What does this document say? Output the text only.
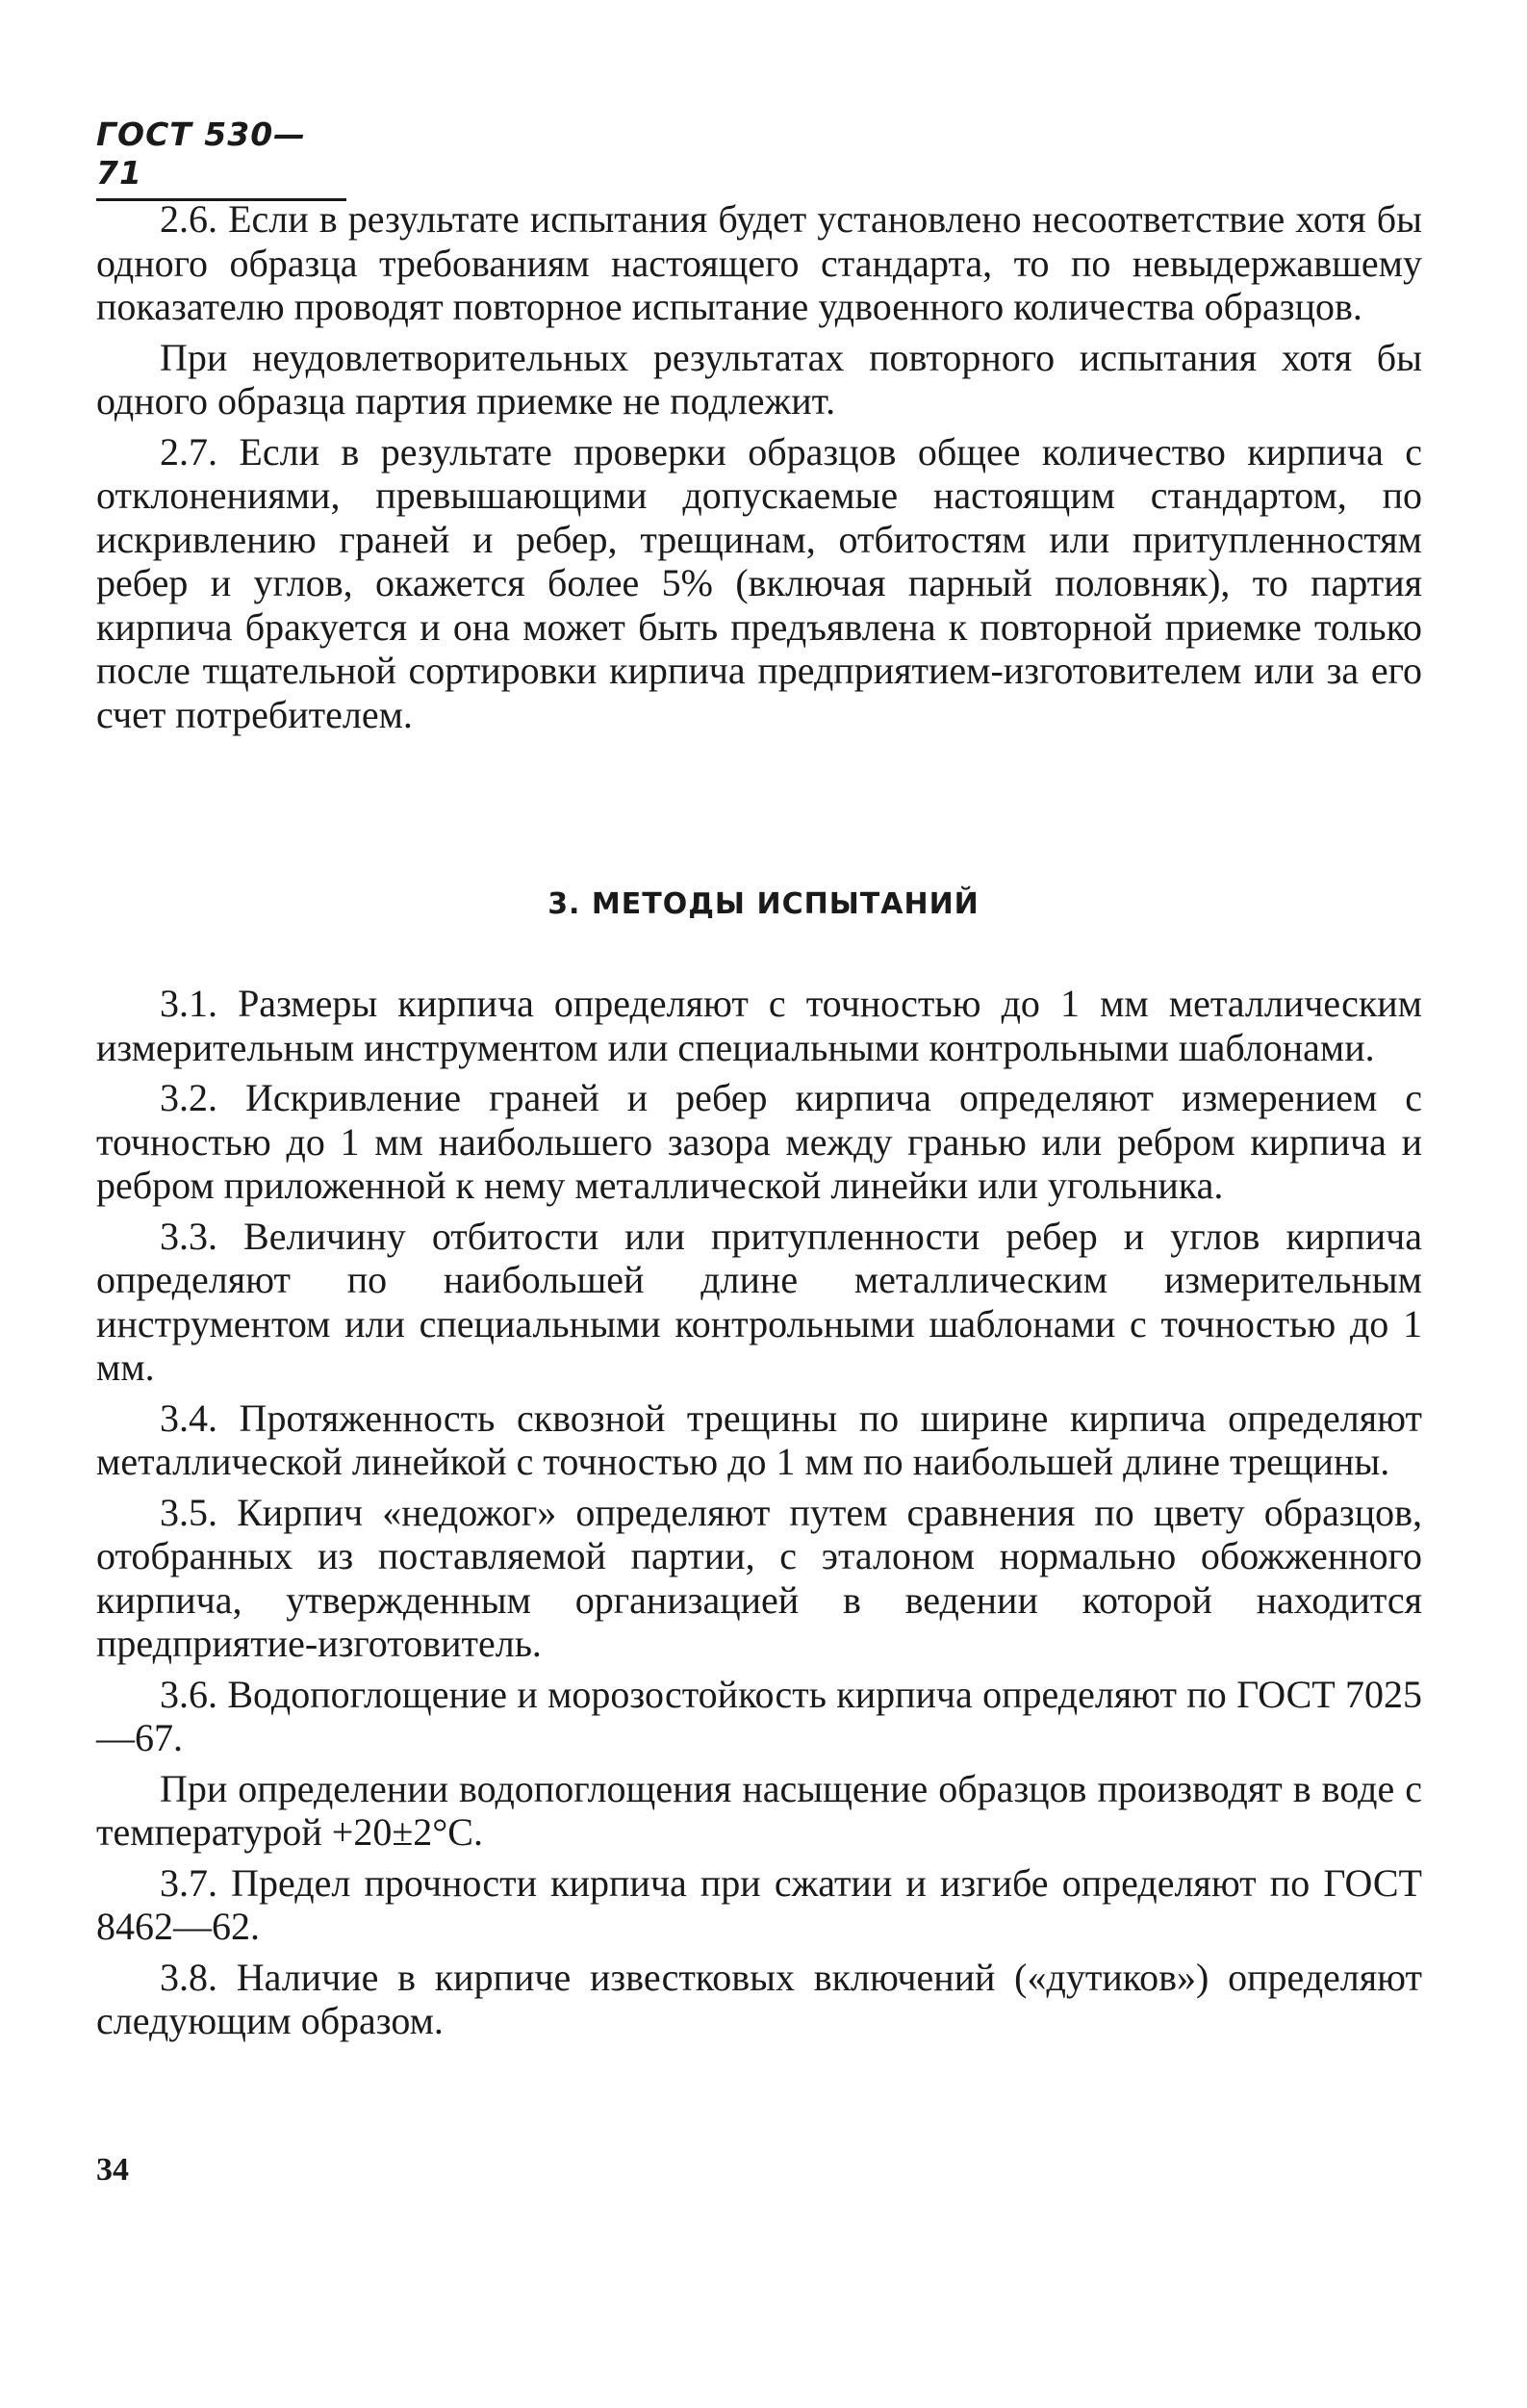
ГОСТ 530—71

2.6. Если в результате испытания будет установлено несоответствие хотя бы одного образца требованиям настоящего стандарта, то по невыдержавшему показателю проводят повторное испытание удвоенного количества образцов.

При неудовлетворительных результатах повторного испытания хотя бы одного образца партия приемке не подлежит.

2.7. Если в результате проверки образцов общее количество кирпича с отклонениями, превышающими допускаемые настоящим стандартом, по искривлению граней и ребер, трещинам, отбитостям или притупленностям ребер и углов, окажется более 5% (включая парный половняк), то партия кирпича бракуется и она может быть предъявлена к повторной приемке только после тщательной сортировки кирпича предприятием-изготовителем или за его счет потребителем.

3. МЕТОДЫ ИСПЫТАНИЙ

3.1. Размеры кирпича определяют с точностью до 1 мм металлическим измерительным инструментом или специальными контрольными шаблонами.

3.2. Искривление граней и ребер кирпича определяют измерением с точностью до 1 мм наибольшего зазора между гранью или ребром кирпича и ребром приложенной к нему металлической линейки или угольника.

3.3. Величину отбитости или притупленности ребер и углов кирпича определяют по наибольшей длине металлическим измерительным инструментом или специальными контрольными шаблонами с точностью до 1 мм.

3.4. Протяженность сквозной трещины по ширине кирпича определяют металлической линейкой с точностью до 1 мм по наибольшей длине трещины.

3.5. Кирпич «недожог» определяют путем сравнения по цвету образцов, отобранных из поставляемой партии, с эталоном нормально обожженного кирпича, утвержденным организацией в ведении которой находится предприятие-изготовитель.

3.6. Водопоглощение и морозостойкость кирпича определяют по ГОСТ 7025—67.

При определении водопоглощения насыщение образцов производят в воде с температурой +20±2°С.

3.7. Предел прочности кирпича при сжатии и изгибе определяют по ГОСТ 8462—62.

3.8. Наличие в кирпиче известковых включений («дутиков») определяют следующим образом.

34
